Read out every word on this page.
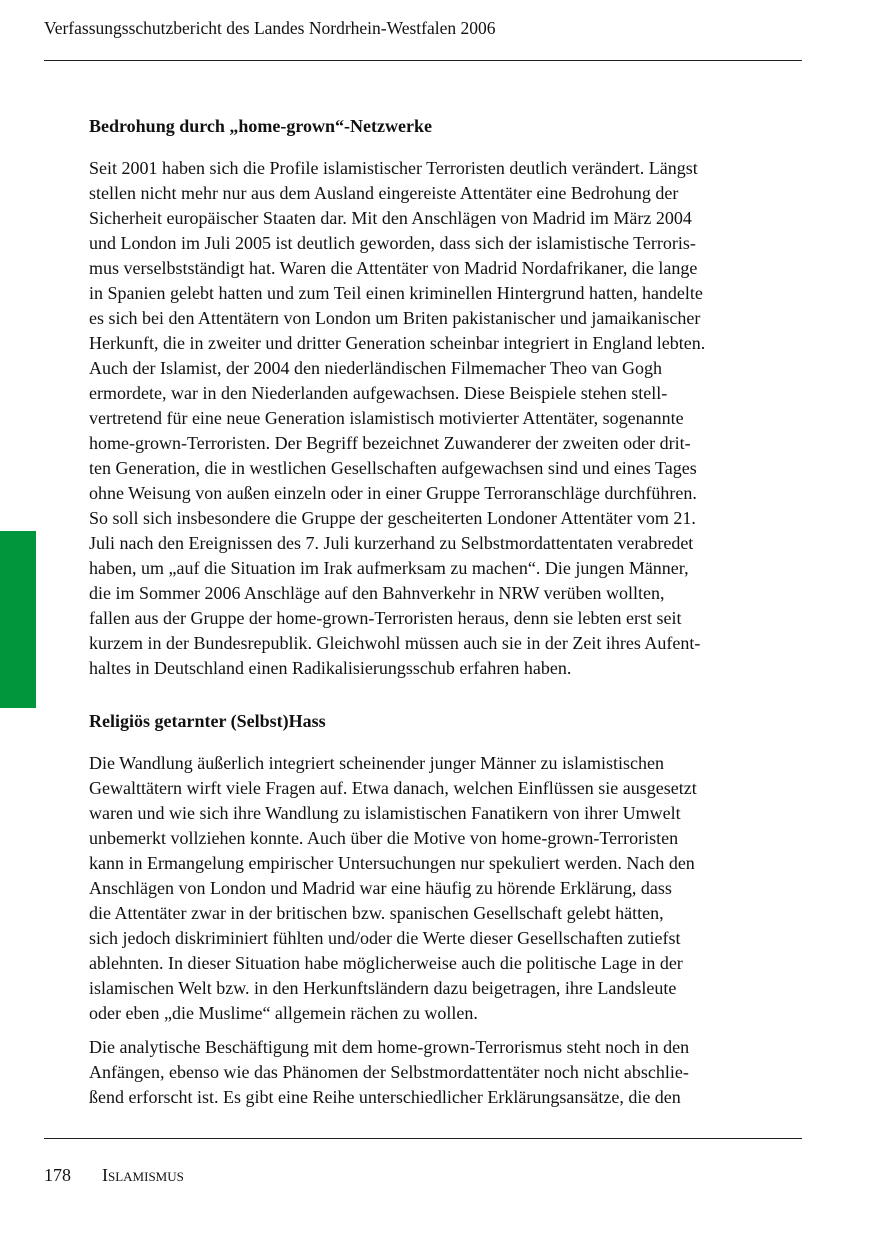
Verfassungsschutzbericht des Landes Nordrhein-Westfalen 2006
Bedrohung durch „home-grown“-Netzwerke

Seit 2001 haben sich die Profile islamistischer Terroristen deutlich verändert. Längst
stellen nicht mehr nur aus dem Ausland eingereiste Attentäter eine Bedrohung der
Sicherheit europäischer Staaten dar. Mit den Anschlägen von Madrid im März 2004
und London im Juli 2005 ist deutlich geworden, dass sich der islamistische Terroris-
mus verselbstständigt hat. Waren die Attentäter von Madrid Nordafrikaner, die lange
in Spanien gelebt hatten und zum Teil einen kriminellen Hintergrund hatten, handelte
es sich bei den Attentätern von London um Briten pakistanischer und jamaikanischer
Herkunft, die in zweiter und dritter Generation scheinbar integriert in England lebten.
Auch der Islamist, der 2004 den niederländischen Filmemacher Theo van Gogh
ermordete, war in den Niederlanden aufgewachsen. Diese Beispiele stehen stell-
vertretend für eine neue Generation islamistisch motivierter Attentäter, sogenannte
home-grown-Terroristen. Der Begriff bezeichnet Zuwanderer der zweiten oder drit-
ten Generation, die in westlichen Gesellschaften aufgewachsen sind und eines Tages
ohne Weisung von außen einzeln oder in einer Gruppe Terroranschläge durchführen.
So soll sich insbesondere die Gruppe der gescheiterten Londoner Attentäter vom 21.
Juli nach den Ereignissen des 7. Juli kurzerhand zu Selbstmordattentaten verabredet
haben, um „auf die Situation im Irak aufmerksam zu machen“. Die jungen Männer,
die im Sommer 2006 Anschläge auf den Bahnverkehr in NRW verüben wollten,
fallen aus der Gruppe der home-grown-Terroristen heraus, denn sie lebten erst seit
kurzem in der Bundesrepublik. Gleichwohl müssen auch sie in der Zeit ihres Aufent-
haltes in Deutschland einen Radikalisierungsschub erfahren haben.

Religiös getarnter (Selbst)Hass

Die Wandlung äußerlich integriert scheinender junger Männer zu islamistischen
Gewalttätern wirft viele Fragen auf. Etwa danach, welchen Einflüssen sie ausgesetzt
waren und wie sich ihre Wandlung zu islamistischen Fanatikern von ihrer Umwelt
unbemerkt vollziehen konnte. Auch über die Motive von home-grown-Terroristen
kann in Ermangelung empirischer Untersuchungen nur spekuliert werden. Nach den
Anschlägen von London und Madrid war eine häufig zu hörende Erklärung, dass
die Attentäter zwar in der britischen bzw. spanischen Gesellschaft gelebt hätten,
sich jedoch diskriminiert fühlten und/oder die Werte dieser Gesellschaften zutiefst
ablehnten. In dieser Situation habe möglicherweise auch die politische Lage in der
islamischen Welt bzw. in den Herkunftsländern dazu beigetragen, ihre Landsleute
oder eben „die Muslime“ allgemein rächen zu wollen.

Die analytische Beschäftigung mit dem home-grown-Terrorismus steht noch in den
Anfängen, ebenso wie das Phänomen der Selbstmordattentäter noch nicht abschlie-
ßend erforscht ist. Es gibt eine Reihe unterschiedlicher Erklärungsansätze, die den

178 Islamismus
